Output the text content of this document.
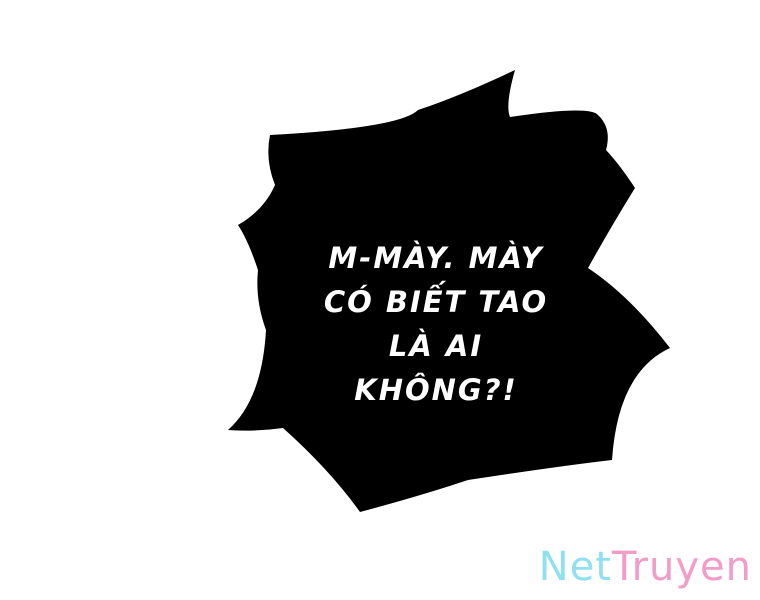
M-MÀY. MÀY
CÓ BIẾT TAO
LÀ AI
KHÔNG?!
NetTruyen
